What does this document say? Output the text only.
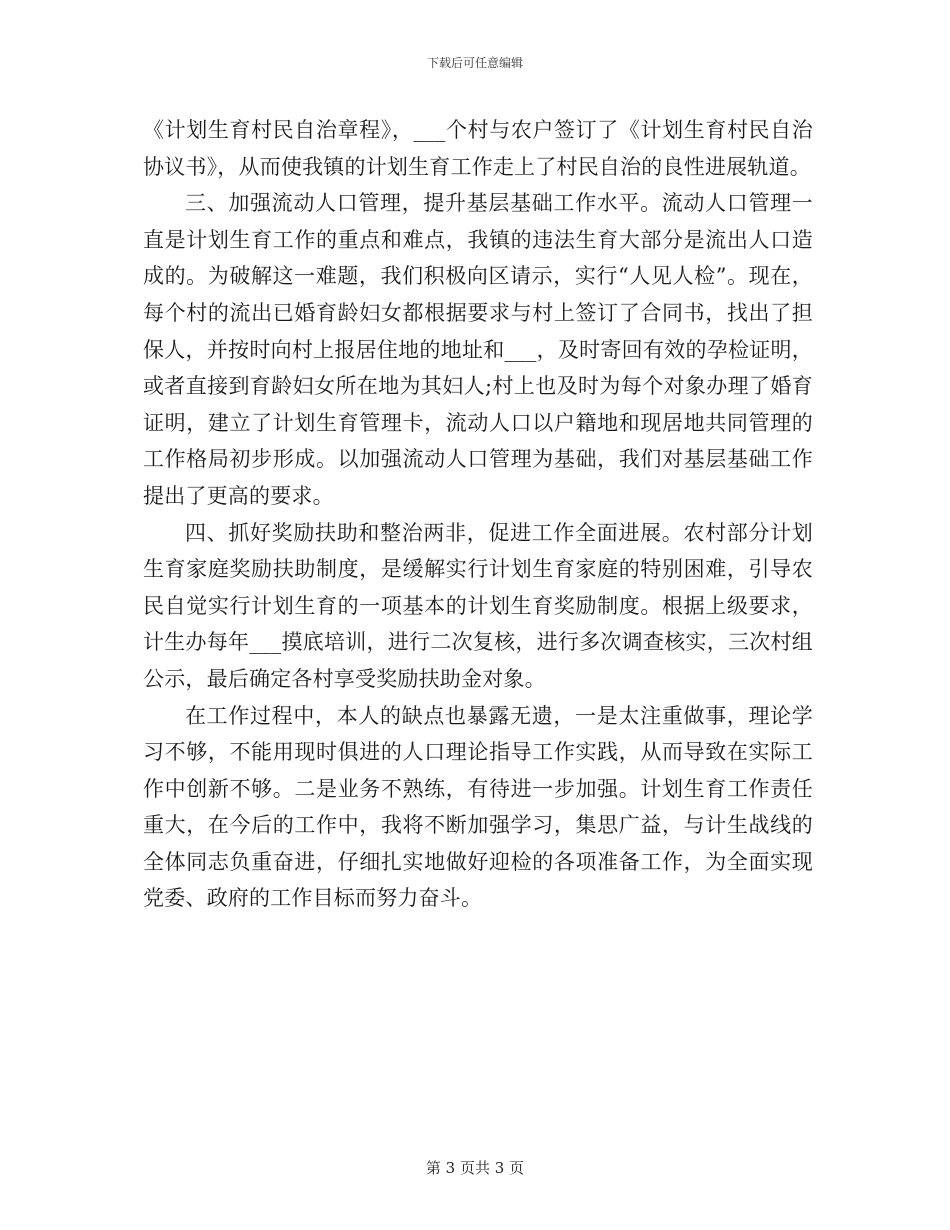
下载后可任意编辑

《计划生育村民自治章程》，___个村与农户签订了《计划生育村民自治协议书》，从而使我镇的计划生育工作走上了村民自治的良性进展轨道。

三、加强流动人口管理，提升基层基础工作水平。流动人口管理一直是计划生育工作的重点和难点，我镇的违法生育大部分是流出人口造成的。为破解这一难题，我们积极向区请示，实行“人见人检”。现在，每个村的流出已婚育龄妇女都根据要求与村上签订了合同书，找出了担保人，并按时向村上报居住地的地址和___，及时寄回有效的孕检证明，或者直接到育龄妇女所在地为其妇人;村上也及时为每个对象办理了婚育证明，建立了计划生育管理卡，流动人口以户籍地和现居地共同管理的工作格局初步形成。以加强流动人口管理为基础，我们对基层基础工作提出了更高的要求。

四、抓好奖励扶助和整治两非，促进工作全面进展。农村部分计划生育家庭奖励扶助制度，是缓解实行计划生育家庭的特别困难，引导农民自觉实行计划生育的一项基本的计划生育奖励制度。根据上级要求，计生办每年___摸底培训，进行二次复核，进行多次调查核实，三次村组公示，最后确定各村享受奖励扶助金对象。

在工作过程中，本人的缺点也暴露无遗，一是太注重做事，理论学习不够，不能用现时俱进的人口理论指导工作实践，从而导致在实际工作中创新不够。二是业务不熟练，有待进一步加强。计划生育工作责任重大，在今后的工作中，我将不断加强学习，集思广益，与计生战线的全体同志负重奋进，仔细扎实地做好迎检的各项准备工作，为全面实现党委、政府的工作目标而努力奋斗。

第 3 页共 3 页
